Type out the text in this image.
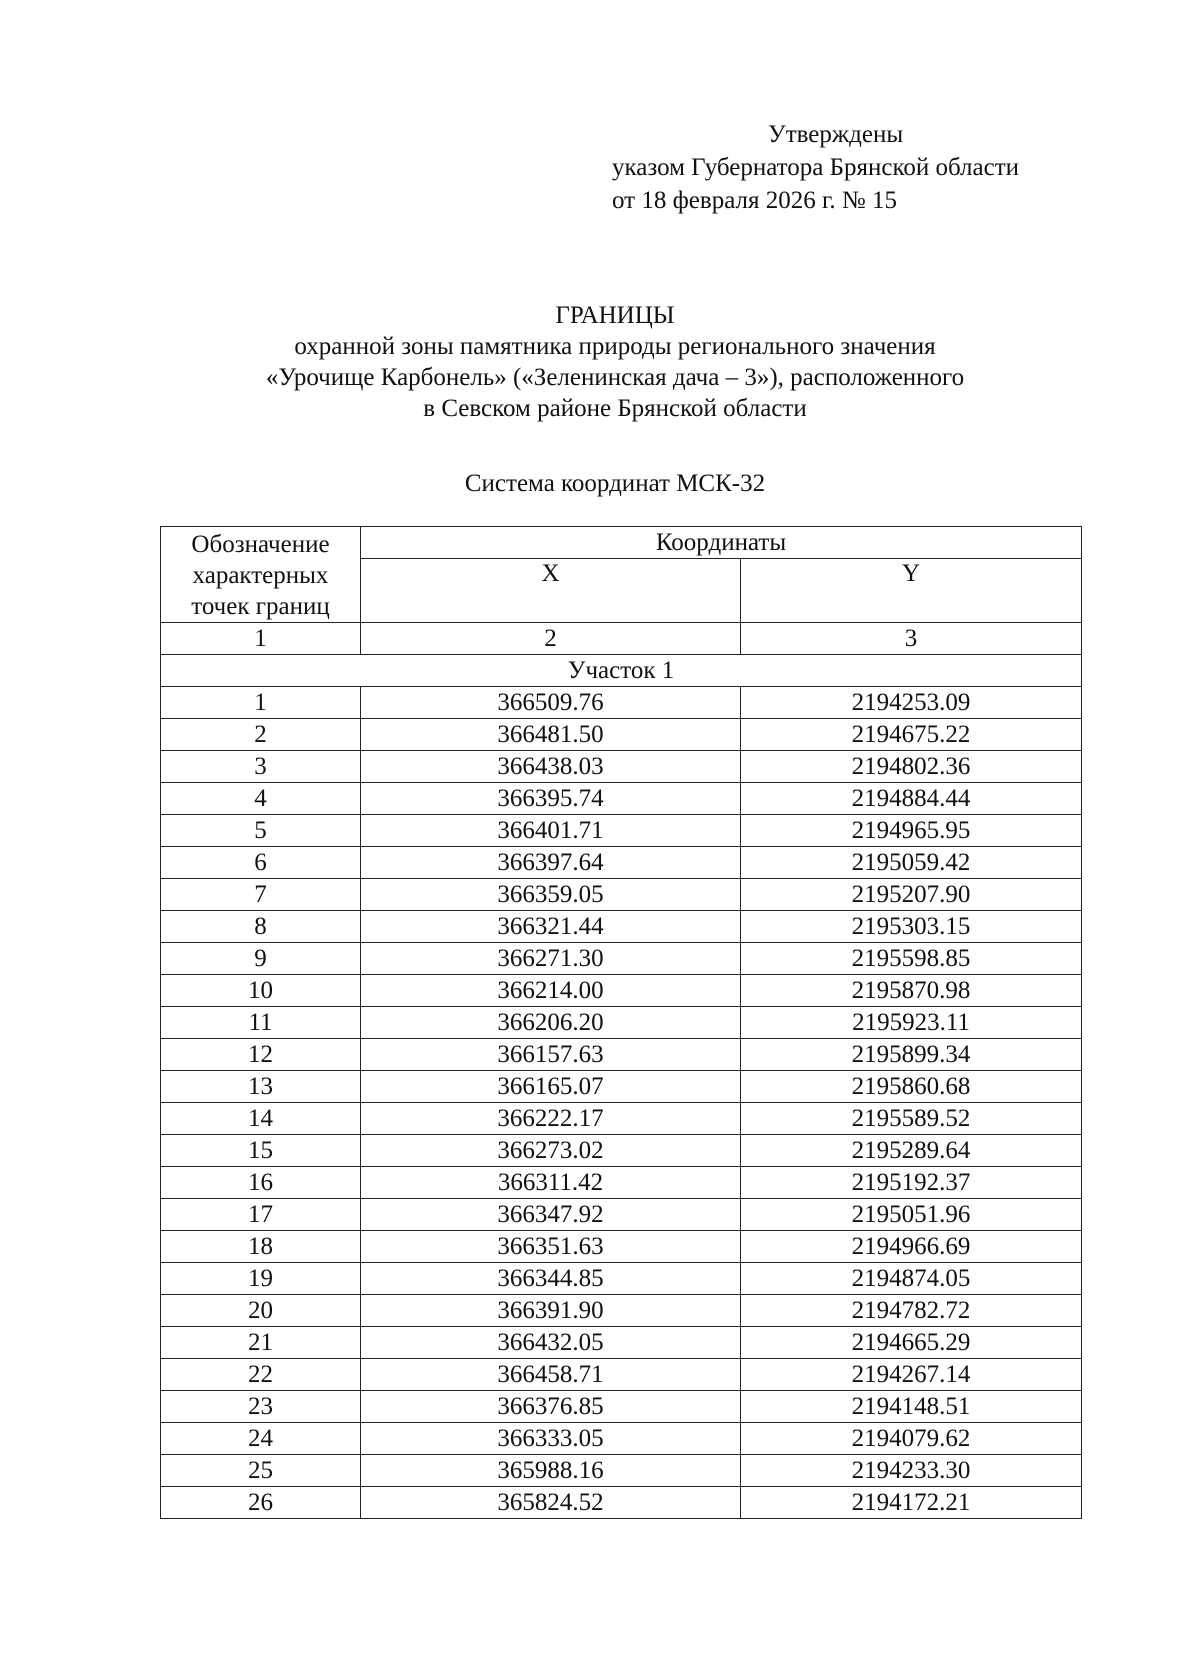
Утверждены
указом Губернатора Брянской области
от 18 февраля 2026 г. № 15
ГРАНИЦЫ
охранной зоны памятника природы регионального значения
«Урочище Карбонель» («Зеленинская дача – 3»), расположенного
в Севском районе Брянской области
Система координат МСК-32
Обозначение характерных точек границ	Координаты	
	X	Y
1	2	3
Участок 1		
1	366509.76	2194253.09
2	366481.50	2194675.22
3	366438.03	2194802.36
4	366395.74	2194884.44
5	366401.71	2194965.95
6	366397.64	2195059.42
7	366359.05	2195207.90
8	366321.44	2195303.15
9	366271.30	2195598.85
10	366214.00	2195870.98
11	366206.20	2195923.11
12	366157.63	2195899.34
13	366165.07	2195860.68
14	366222.17	2195589.52
15	366273.02	2195289.64
16	366311.42	2195192.37
17	366347.92	2195051.96
18	366351.63	2194966.69
19	366344.85	2194874.05
20	366391.90	2194782.72
21	366432.05	2194665.29
22	366458.71	2194267.14
23	366376.85	2194148.51
24	366333.05	2194079.62
25	365988.16	2194233.30
26	365824.52	2194172.21
